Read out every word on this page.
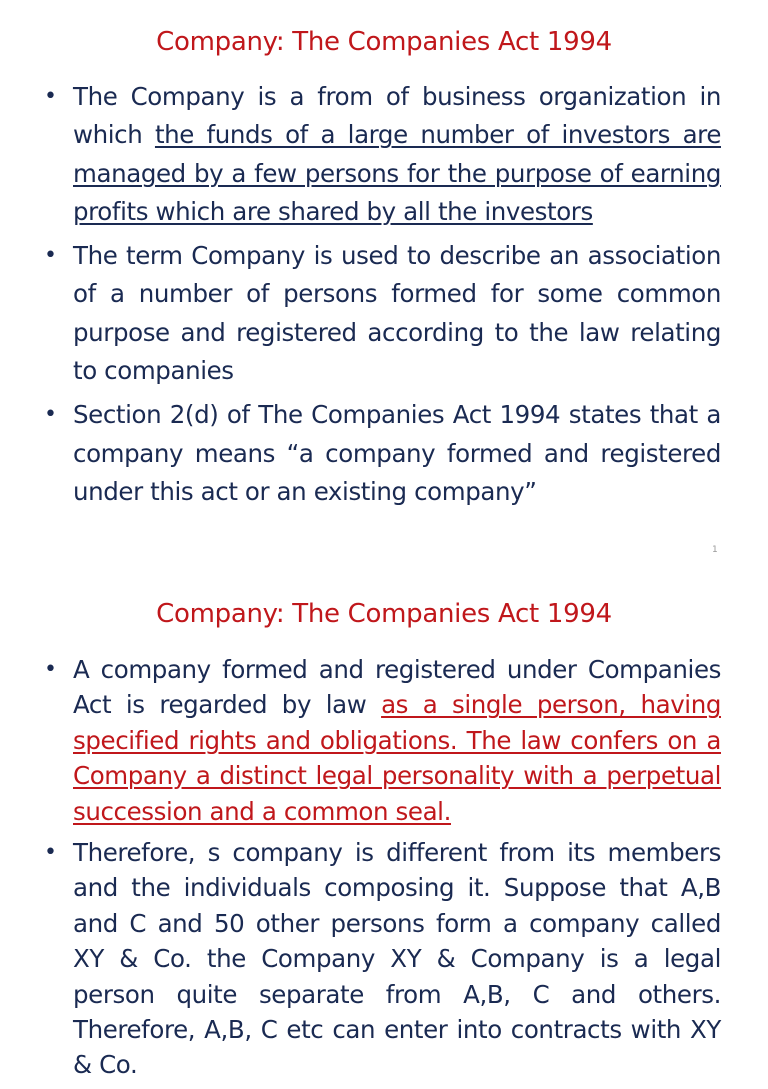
Company: The Companies Act 1994
• The Company is a from of business organization in which the funds of a large number of investors are managed by a few persons for the purpose of earning profits which are shared by all the investors
• The term Company is used to describe an association of a number of persons formed for some common purpose and registered according to the law relating to companies
• Section 2(d) of The Companies Act 1994 states that a company means “a company formed and registered under this act or an existing company”
1
Company: The Companies Act 1994
• A company formed and registered under Companies Act is regarded by law as a single person, having specified rights and obligations. The law confers on a Company a distinct legal personality with a perpetual succession and a common seal.
• Therefore, s company is different from its members and the individuals composing it. Suppose that A,B and C and 50 other persons form a company called XY & Co. the Company XY & Company is a legal person quite separate from A,B, C and others. Therefore, A,B, C etc can enter into contracts with XY & Co.
